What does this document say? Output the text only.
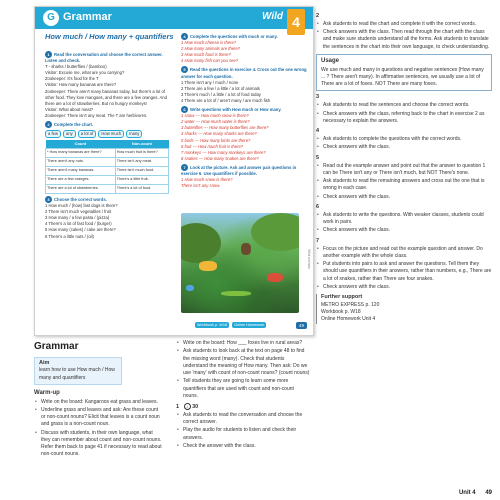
G Grammar	Wild 4
How much / How many + quantifiers
1 Read the conversation and choose the correct answer. Listen and check.
T - sharks / butterflies / (bamboo)
Visitor: Excuse me, what are you carrying?
Zookeeper: It's food for the T
Visitor: How many bananas are there?
Zookeeper: There aren't many bananas today, but there's a lot of other food. They love mangoes, and there are a few oranges. And there are a lot of strawberries. But no hungry monkeys!
Visitor: What about meat?
Zookeeper: There isn't any meat. The T are herbivores.
2 Complete the chart.
a few	any	a lot of	How much	many
Count	Non-count
* How many bananas are there?	How much fruit is there?
There aren't any nuts.	There isn't any meat.
There aren't many bananas.	There isn't much food.
There are a few oranges.	There's a little fruit.
There are a lot of strawberries.	There's a lot of food.
3 Choose the correct words.
1 How much / (how) fast dogs is there?
2 There isn't much vegetables / fruit
3 How many / a few pasta / (pizza)
4 There's a lot of fast food / (burger)
5 How many (cakes) / cake are there?
6 There's a little nuts / (oil)
4 Complete the questions with much or many.
1 How much cheese is there?
2 How many animals are there?
3 How much food is there?
4 How many fish can you see?
5 Read the questions in exercise 4. Cross out the one wrong answer for each question.
1 There isn't any / much / none
2 There are a few / a little / a lot of animals
3 There's much / a little / a lot of food today
4 There are a lot of / aren't many / are much fish
6 Write questions with How much or How many.
1 snow — How much snow is there?
2 water — How much water is there?
3 butterflies — How many butterflies are there?
4 sharks — How many sharks are there?
5 birds — How many birds are there?
6 fruit — How much fruit is there?
7 monkeys — How many monkeys are there?
8 snakes — How many snakes are there?
7 Look at the picture. Ask and answer pair questions in exercise 6. Use quantifiers if possible.
1 How much snow is there?
There isn't any snow.
Workbook p. W18	Online Homework	49
Wild animals
2
• Ask students to read the chart and complete it with the correct words.
• Check answers with the class. Then read through the chart with the class and make sure students understand all the forms. Ask students to translate the sentences in the chart into their own language, to check understanding.
Usage
We use much and many in questions and negative sentences (How many ... ? There aren't many). In affirmative sentences, we usually use a lot of There are a lot of foxes. NOT There are many foxes.
3
• Ask students to read the sentences and choose the correct words.
• Check answers with the class, referring back to the chart in exercise 2 as necessary to explain the answers.
4
• Ask students to complete the questions with the correct words.
• Check answers with the class.
5
• Read out the example answer and point out that the answer to question 1 can be There isn't any or There isn't much, but NOT There's none.
• Ask students to read the remaining answers and cross out the one that is wrong in each case.
• Check answers with the class.
6
• Ask students to write the questions. With weaker classes, students could work in pairs.
• Check answers with the class.
7
• Focus on the picture and read out the example question and answer. Do another example with the whole class.
• Put students into pairs to ask and answer the questions. Tell them they should use quantifiers in their answers, rather than numbers, e.g., There are a lot of snakes, rather than There are four snakes.
• Check answers with the class.
Further support
METRO EXPRESS p. 120
Workbook p. W18
Online Homework Unit 4
Grammar
Aim
learn how to use How much / How many and quantifiers
Warm-up
• Write on the board: Kangaroos eat grass and leaves.
• Underline grass and leaves and ask: Are these count or non-count nouns? Elicit that leaves is a count noun and grass is a non-count noun.
• Discuss with students, in their own language, what they can remember about count and non-count nouns. Refer them back to page 41 if necessary to read about non-count nouns.
• Write on the board: How ___ foxes live in rural areas?
• Ask students to look back at the text on page 48 to find the missing word (many). Check that students understand the meaning of How many. Then ask: Do we use 'many' with count of non-count nouns? (count nouns)
• Tell students they are going to learn some more quantifiers that are used with count and non-count nouns.
1 ♪ 30
• Ask students to read the conversation and choose the correct answer.
• Play the audio for students to listen and check their answers.
• Check the answer with the class.
Unit 4 49
